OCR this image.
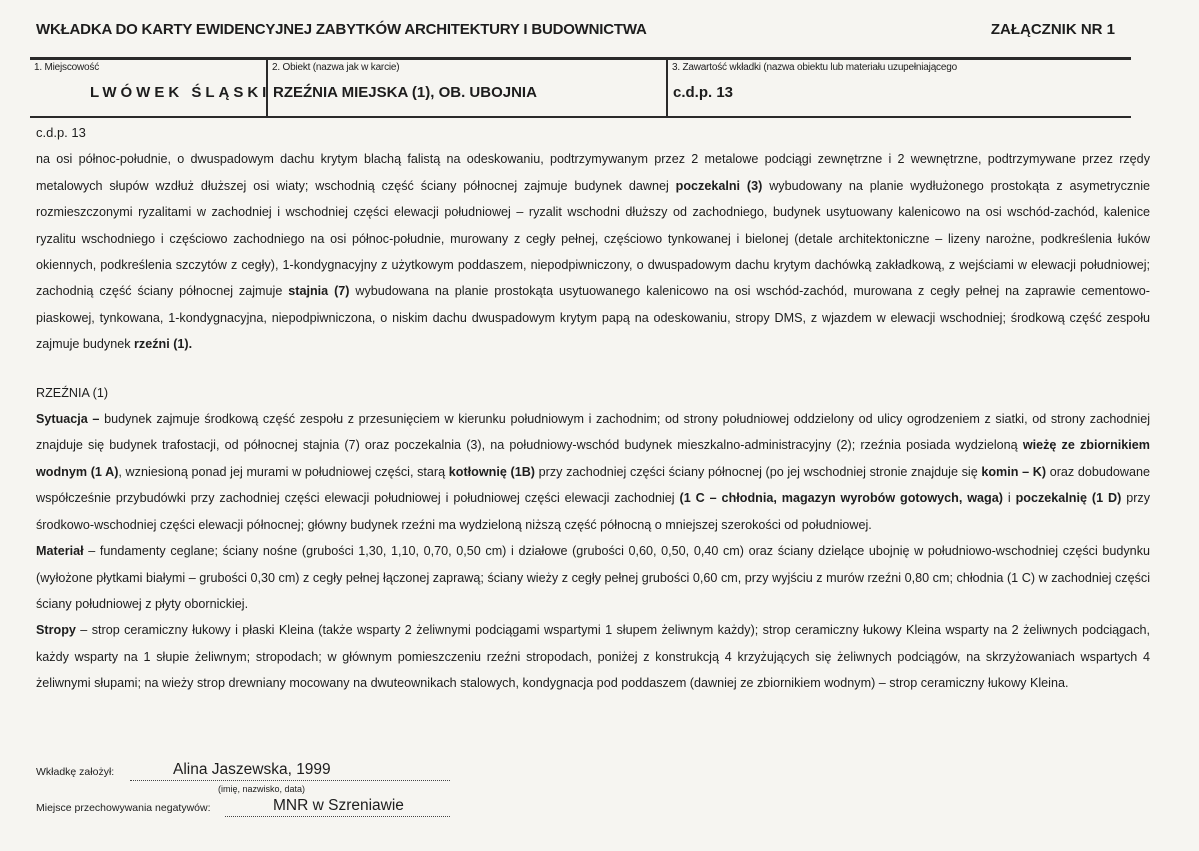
WKŁADKA DO KARTY EWIDENCYJNEJ ZABYTKÓW ARCHITEKTURY I BUDOWNICTWA	ZAŁĄCZNIK NR 1
1. Miejscowość
LWÓWEK ŚLĄSKI
2. Obiekt (nazwa jak w karcie)
RZEŹNIA MIEJSKA (1), OB. UBOJNIA
3. Zawartość wkładki (nazwa obiektu lub materiału uzupełniającego
c.d.p. 13

c.d.p. 13

na osi północ-południe, o dwuspadowym dachu krytym blachą falistą na odeskowaniu, podtrzymywanym przez 2 metalowe podciągi zewnętrzne i 2 wewnętrzne, podtrzymywane przez rzędy metalowych słupów wzdłuż dłuższej osi wiaty; wschodnią część ściany północnej zajmuje budynek dawnej poczekalni (3) wybudowany na planie wydłużonego prostokąta z asymetrycznie rozmieszczonymi ryzalitami w zachodniej i wschodniej części elewacji południowej – ryzalit wschodni dłuższy od zachodniego, budynek usytuowany kalenicowo na osi wschód-zachód, kalenice ryzalitu wschodniego i częściowo zachodniego na osi północ-południe, murowany z cegły pełnej, częściowo tynkowanej i bielonej (detale architektoniczne – lizeny narożne, podkreślenia łuków okiennych, podkreślenia szczytów z cegły), 1-kondygnacyjny z użytkowym poddaszem, niepodpiwniczony, o dwuspadowym dachu krytym dachówką zakładkową, z wejściami w elewacji południowej; zachodnią część ściany północnej zajmuje stajnia (7) wybudowana na planie prostokąta usytuowanego kalenicowo na osi wschód-zachód, murowana z cegły pełnej na zaprawie cementowo-piaskowej, tynkowana, 1-kondygnacyjna, niepodpiwniczona, o niskim dachu dwuspadowym krytym papą na odeskowaniu, stropy DMS, z wjazdem w elewacji wschodniej; środkową część zespołu zajmuje budynek rzeźni (1).

RZEŹNIA (1)

Sytuacja – budynek zajmuje środkową część zespołu z przesunięciem w kierunku południowym i zachodnim; od strony południowej oddzielony od ulicy ogrodzeniem z siatki, od strony zachodniej znajduje się budynek trafostacji, od północnej stajnia (7) oraz poczekalnia (3), na południowy-wschód budynek mieszkalno-administracyjny (2); rzeźnia posiada wydzieloną wieżę ze zbiornikiem wodnym (1 A), wzniesioną ponad jej murami w południowej części, starą kotłownię (1B) przy zachodniej części ściany północnej (po jej wschodniej stronie znajduje się komin – K) oraz dobudowane współcześnie przybudówki przy zachodniej części elewacji południowej i południowej części elewacji zachodniej (1 C – chłodnia, magazyn wyrobów gotowych, waga) i poczekalnię (1 D) przy środkowo-wschodniej części elewacji północnej; główny budynek rzeźni ma wydzieloną niższą część północną o mniejszej szerokości od południowej.

Materiał – fundamenty ceglane; ściany nośne (grubości 1,30, 1,10, 0,70, 0,50 cm) i działowe (grubości 0,60, 0,50, 0,40 cm) oraz ściany dzielące ubojnię w południowo-wschodniej części budynku (wyłożone płytkami białymi – grubości 0,30 cm) z cegły pełnej łączonej zaprawą; ściany wieży z cegły pełnej grubości 0,60 cm, przy wyjściu z murów rzeźni 0,80 cm; chłodnia (1 C) w zachodniej części ściany południowej z płyty obornickiej.

Stropy – strop ceramiczny łukowy i płaski Kleina (także wsparty 2 żeliwnymi podciągami wspartymi 1 słupem żeliwnym każdy); strop ceramiczny łukowy Kleina wsparty na 2 żeliwnych podciągach, każdy wsparty na 1 słupie żeliwnym; stropodach; w głównym pomieszczeniu rzeźni stropodach, poniżej z konstrukcją 4 krzyżujących się żeliwnych podciągów, na skrzyżowaniach wspartych 4 żeliwnymi słupami; na wieży strop drewniany mocowany na dwuteownikach stalowych, kondygnacja pod poddaszem (dawniej ze zbiornikiem wodnym) – strop ceramiczny łukowy Kleina.

Wkładkę założył:	Alina Jaszewska, 1999
(imię, nazwisko, data)
Miejsce przechowywania negatywów:	MNR w Szreniawie
